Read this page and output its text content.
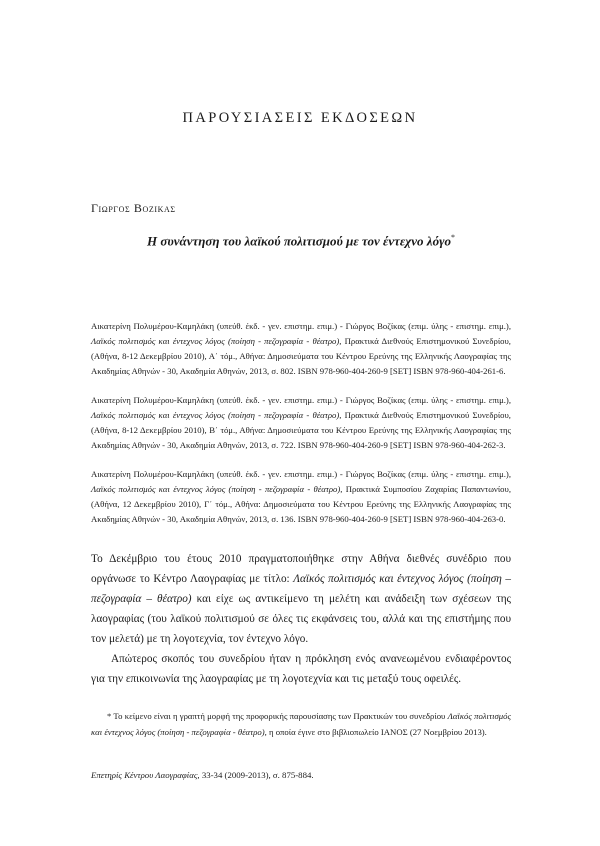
ΠΑΡΟΥΣΙΑΣΕΙΣ ΕΚΔΟΣΕΩΝ
Γιωργος Βοζικας
Η συνάντηση του λαϊκού πολιτισμού με τον έντεχνο λόγο*

Αικατερίνη Πολυμέρου-Καμηλάκη (υπεύθ. έκδ. - γεν. επιστημ. επιμ.) - Γιώργος Βοζίκας (επιμ. ύλης - επιστημ. επιμ.), Λαϊκός πολιτισμός και έντεχνος λόγος (ποίηση - πεζογραφία - θέατρο), Πρακτικά Διεθνούς Επιστημονικού Συνεδρίου, (Αθήνα, 8-12 Δεκεμβρίου 2010), Α΄ τόμ., Αθήνα: Δημοσιεύματα του Κέντρου Ερεύνης της Ελληνικής Λαογραφίας της Ακαδημίας Αθηνών - 30, Ακαδημία Αθηνών, 2013, σ. 802. ISBN 978-960-404-260-9 [SET] ISBN 978-960-404-261-6.

Αικατερίνη Πολυμέρου-Καμηλάκη (υπεύθ. έκδ. - γεν. επιστημ. επιμ.) - Γιώργος Βοζίκας (επιμ. ύλης - επιστημ. επιμ.), Λαϊκός πολιτισμός και έντεχνος λόγος (ποίηση - πεζογραφία - θέατρο), Πρακτικά Διεθνούς Επιστημονικού Συνεδρίου, (Αθήνα, 8-12 Δεκεμβρίου 2010), Β΄ τόμ., Αθήνα: Δημοσιεύματα του Κέντρου Ερεύνης της Ελληνικής Λαογραφίας της Ακαδημίας Αθηνών - 30, Ακαδημία Αθηνών, 2013, σ. 722. ISBN 978-960-404-260-9 [SET] ISBN 978-960-404-262-3.

Αικατερίνη Πολυμέρου-Καμηλάκη (υπεύθ. έκδ. - γεν. επιστημ. επιμ.) - Γιώργος Βοζίκας (επιμ. ύλης - επιστημ. επιμ.), Λαϊκός πολιτισμός και έντεχνος λόγος (ποίηση - πεζογραφία - θέατρο), Πρακτικά Συμποσίου Ζαχαρίας Παπαντωνίου, (Αθήνα, 12 Δεκεμβρίου 2010), Γ΄ τόμ., Αθήνα: Δημοσιεύματα του Κέντρου Ερεύνης της Ελληνικής Λαογραφίας της Ακαδημίας Αθηνών - 30, Ακαδημία Αθηνών, 2013, σ. 136. ISBN 978-960-404-260-9 [SET] ISBN 978-960-404-263-0.

Το Δεκέμβριο του έτους 2010 πραγματοποιήθηκε στην Αθήνα διεθνές συνέδριο που οργάνωσε το Κέντρο Λαογραφίας με τίτλο: Λαϊκός πολιτισμός και έντεχνος λόγος (ποίηση – πεζογραφία – θέατρο) και είχε ως αντικείμενο τη μελέτη και ανάδειξη των σχέσεων της λαογραφίας (του λαϊκού πολιτισμού σε όλες τις εκφάνσεις του, αλλά και της επιστήμης που τον μελετά) με τη λογοτεχνία, τον έντεχνο λόγο.

Απώτερος σκοπός του συνεδρίου ήταν η πρόκληση ενός ανανεωμένου ενδιαφέροντος για την επικοινωνία της λαογραφίας με τη λογοτεχνία και τις μεταξύ τους οφειλές.

* Το κείμενο είναι η γραπτή μορφή της προφορικής παρουσίασης των Πρακτικών του συνεδρίου Λαϊκός πολιτισμός και έντεχνος λόγος (ποίηση - πεζογραφία - θέατρο), η οποία έγινε στο βιβλιοπωλείο ΙΑΝΟΣ (27 Νοεμβρίου 2013).
Επετηρίς Κέντρου Λαογραφίας, 33-34 (2009-2013), σ. 875-884.
